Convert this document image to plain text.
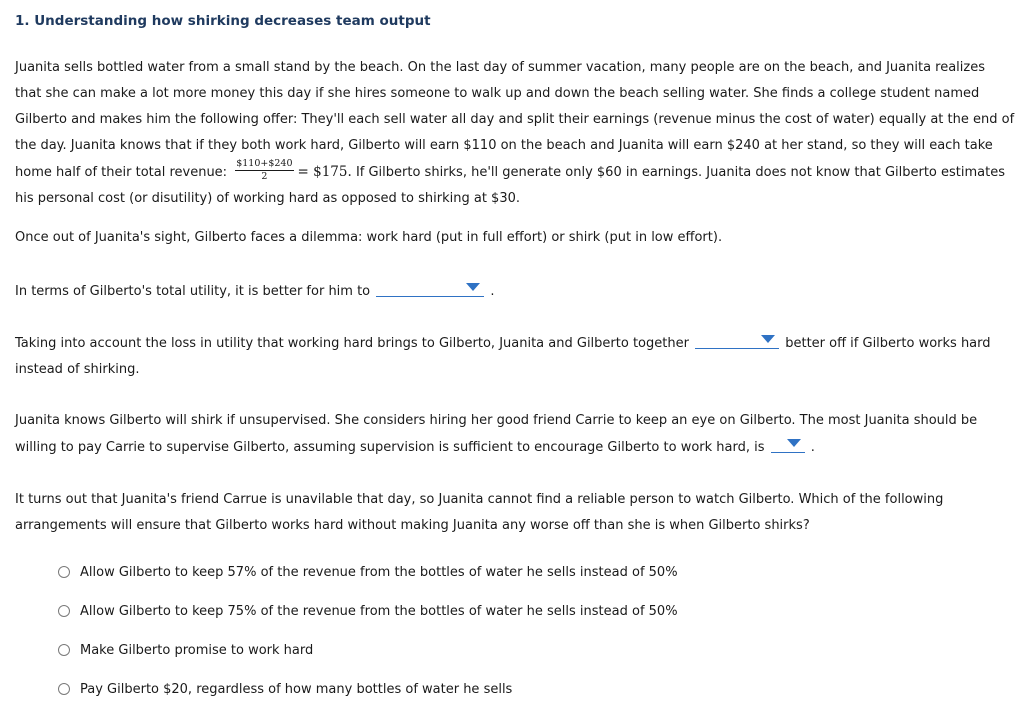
1. Understanding how shirking decreases team output
Juanita sells bottled water from a small stand by the beach. On the last day of summer vacation, many people are on the beach, and Juanita realizes that she can make a lot more money this day if she hires someone to walk up and down the beach selling water. She finds a college student named Gilberto and makes him the following offer: They'll each sell water all day and split their earnings (revenue minus the cost of water) equally at the end of the day. Juanita knows that if they both work hard, Gilberto will earn $110 on the beach and Juanita will earn $240 at her stand, so they will each take home half of their total revenue: $\frac{\$110+\$240}{2}$ = $175. If Gilberto shirks, he'll generate only $60 in earnings. Juanita does not know that Gilberto estimates his personal cost (or disutility) of working hard as opposed to shirking at $30.
Once out of Juanita's sight, Gilberto faces a dilemma: work hard (put in full effort) or shirk (put in low effort).
In terms of Gilberto's total utility, it is better for him to	.
Taking into account the loss in utility that working hard brings to Gilberto, Juanita and Gilberto together	better off if Gilberto works hard instead of shirking.
Juanita knows Gilberto will shirk if unsupervised. She considers hiring her good friend Carrie to keep an eye on Gilberto. The most Juanita should be willing to pay Carrie to supervise Gilberto, assuming supervision is sufficient to encourage Gilberto to work hard, is	.
It turns out that Juanita's friend Carrue is unavilable that day, so Juanita cannot find a reliable person to watch Gilberto. Which of the following arrangements will ensure that Gilberto works hard without making Juanita any worse off than she is when Gilberto shirks?
Allow Gilberto to keep 57% of the revenue from the bottles of water he sells instead of 50%
Allow Gilberto to keep 75% of the revenue from the bottles of water he sells instead of 50%
Make Gilberto promise to work hard
Pay Gilberto $20, regardless of how many bottles of water he sells
